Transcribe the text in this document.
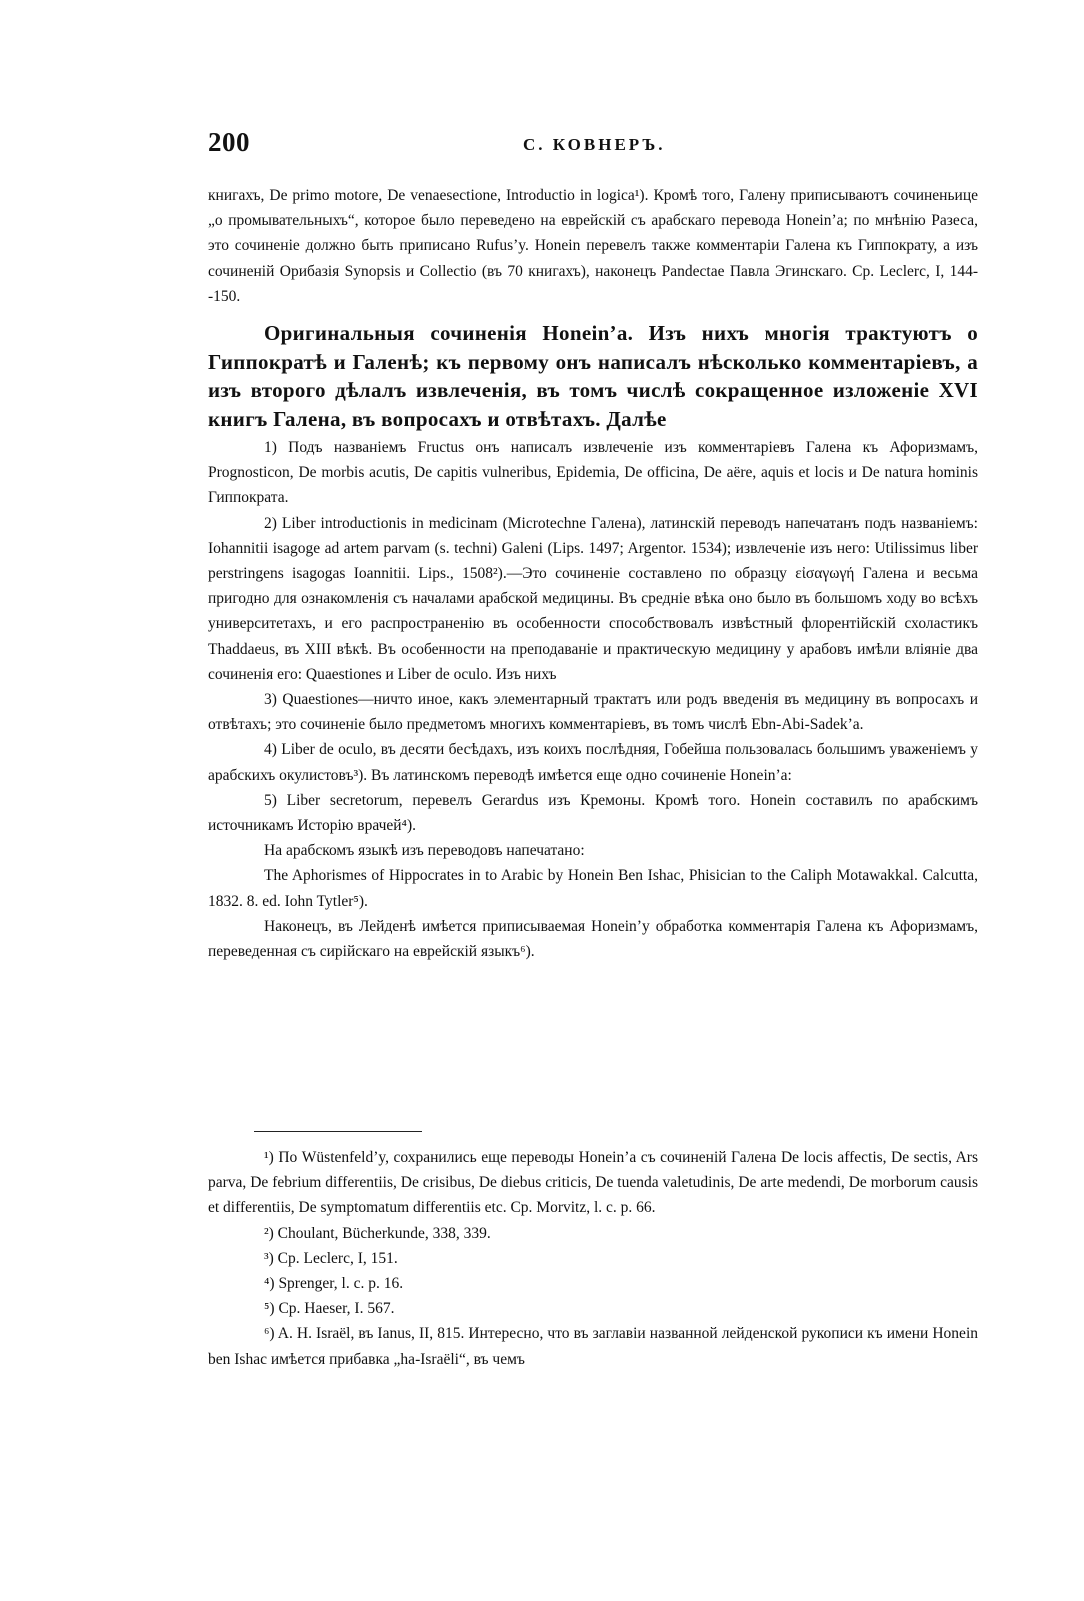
200	С. КОВНЕРЪ.

книгахъ, De primo motore, De venaesectione, Introductio in logica¹). Кромѣ того, Галену приписываютъ сочиненьице „о промывательныхъ“, которое было переведено на еврейскій съ арабскаго перевода Honein’a; по мнѣнію Разеса, это сочиненіе должно быть приписано Rufus’y. Honein перевелъ также комментаріи Галена къ Гиппократу, а изъ сочиненій Орибазія Synopsis и Collectio (въ 70 книгахъ), наконецъ Pandectae Павла Эгинскаго. Ср. Leclerc, I, 144--150.

Оригинальныя сочиненія Honein’a. Изъ нихъ многія трактуютъ о Гиппократѣ и Галенѣ; къ первому онъ написалъ нѣсколько комментаріевъ, а изъ второго дѣлалъ извлеченія, въ томъ числѣ сокращенное изложеніе XVI книгъ Галена, въ вопросахъ и отвѣтахъ. Далѣе

1) Подъ названіемъ Fructus онъ написалъ извлеченіе изъ комментаріевъ Галена къ Афоризмамъ, Prognosticon, De morbis acutis, De capitis vulneribus, Epidemia, De officina, De aëre, aquis et locis и De natura hominis Гиппократа.

2) Liber introductionis in medicinam (Microtechne Галена), латинскій переводъ напечатанъ подъ названіемъ: Iohannitii isagoge ad artem parvam (s. techni) Galeni (Lips. 1497; Argentor. 1534); извлеченіе изъ него: Utilissimus liber perstringens isagogas Ioannitii. Lips., 1508²).—Это сочиненіе составлено по образцу εἰσαγωγή Галена и весьма пригодно для ознакомленія съ началами арабской медицины. Въ средніе вѣка оно было въ большомъ ходу во всѣхъ университетахъ, и его распространенію въ особенности способствовалъ извѣстный флорентійскій схоластикъ Thaddaeus, въ XIII вѣкѣ. Въ особенности на преподаваніе и практическую медицину у арабовъ имѣли вліяніе два сочиненія его: Quaestiones и Liber de oculo. Изъ нихъ

3) Quaestiones—ничто иное, какъ элементарный трактатъ или родъ введенія въ медицину въ вопросахъ и отвѣтахъ; это сочиненіе было предметомъ многихъ комментаріевъ, въ томъ числѣ Ebn-Abi-Sadek’a.

4) Liber de oculo, въ десяти бесѣдахъ, изъ коихъ послѣдняя, Гобейша пользовалась большимъ уваженіемъ у арабскихъ окулистовъ³). Въ латинскомъ переводѣ имѣется еще одно сочиненіе Honein’a:

5) Liber secretorum, перевелъ Gerardus изъ Кремоны. Кромѣ того. Honein составилъ по арабскимъ источникамъ Исторію врачей⁴).

На арабскомъ языкѣ изъ переводовъ напечатано:

The Aphorismes of Hippocrates in to Arabic by Honein Ben Ishac, Phisician to the Caliph Motawakkal. Calcutta, 1832. 8. ed. Iohn Tytler⁵).

Наконецъ, въ Лейденѣ имѣется приписываемая Honein’y обработка комментарія Галена къ Афоризмамъ, переведенная съ сирійскаго на еврейскій языкъ⁶).

¹) По Wüstenfeld’y, сохранились еще переводы Honein’a съ сочиненій Галена De locis affectis, De sectis, Ars parva, De febrium differentiis, De crisibus, De diebus criticis, De tuenda valetudinis, De arte medendi, De morborum causis et differentiis, De symptomatum differentiis etc. Ср. Morvitz, l. c. p. 66.

²) Choulant, Bücherkunde, 338, 339.

³) Ср. Leclerc, I, 151.

⁴) Sprenger, l. c. p. 16.

⁵) Ср. Haeser, I. 567.

⁶) A. H. Israël, въ Ianus, II, 815. Интересно, что въ заглавіи названной лейденской рукописи къ имени Honein ben Ishac имѣется прибавка „ha-Israëli“, въ чемъ
